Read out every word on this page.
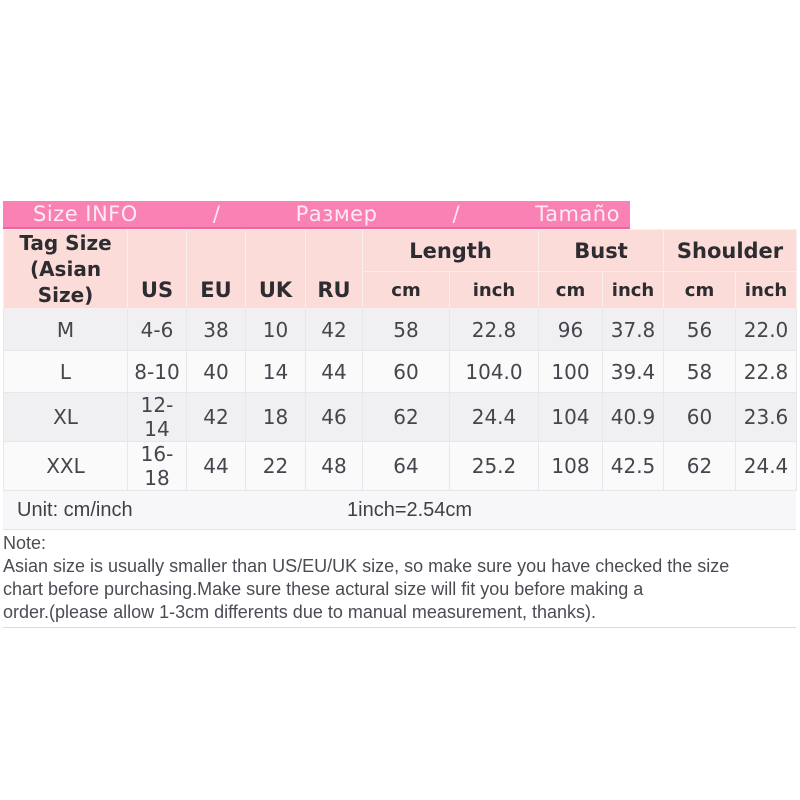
Size INFO	/	Размер	/	Tamaño
Tag Size
(Asian Size)	US	EU	UK	RU	Length		Bust		Shoulder	
					cm	inch	cm	inch	cm	inch
M	4-6	38	10	42	58	22.8	96	37.8	56	22.0
L	8-10	40	14	44	60	104.0	100	39.4	58	22.8
XL	12-14	42	18	46	62	24.4	104	40.9	60	23.6
XXL	16-18	44	22	48	64	25.2	108	42.5	62	24.4
Unit: cm/inch	1inch=2.54cm
Note:
Asian size is usually smaller than US/EU/UK size, so make sure you have checked the size
chart before purchasing.Make sure these actural size will fit you before making a
order.(please allow 1-3cm differents due to manual measurement, thanks).
